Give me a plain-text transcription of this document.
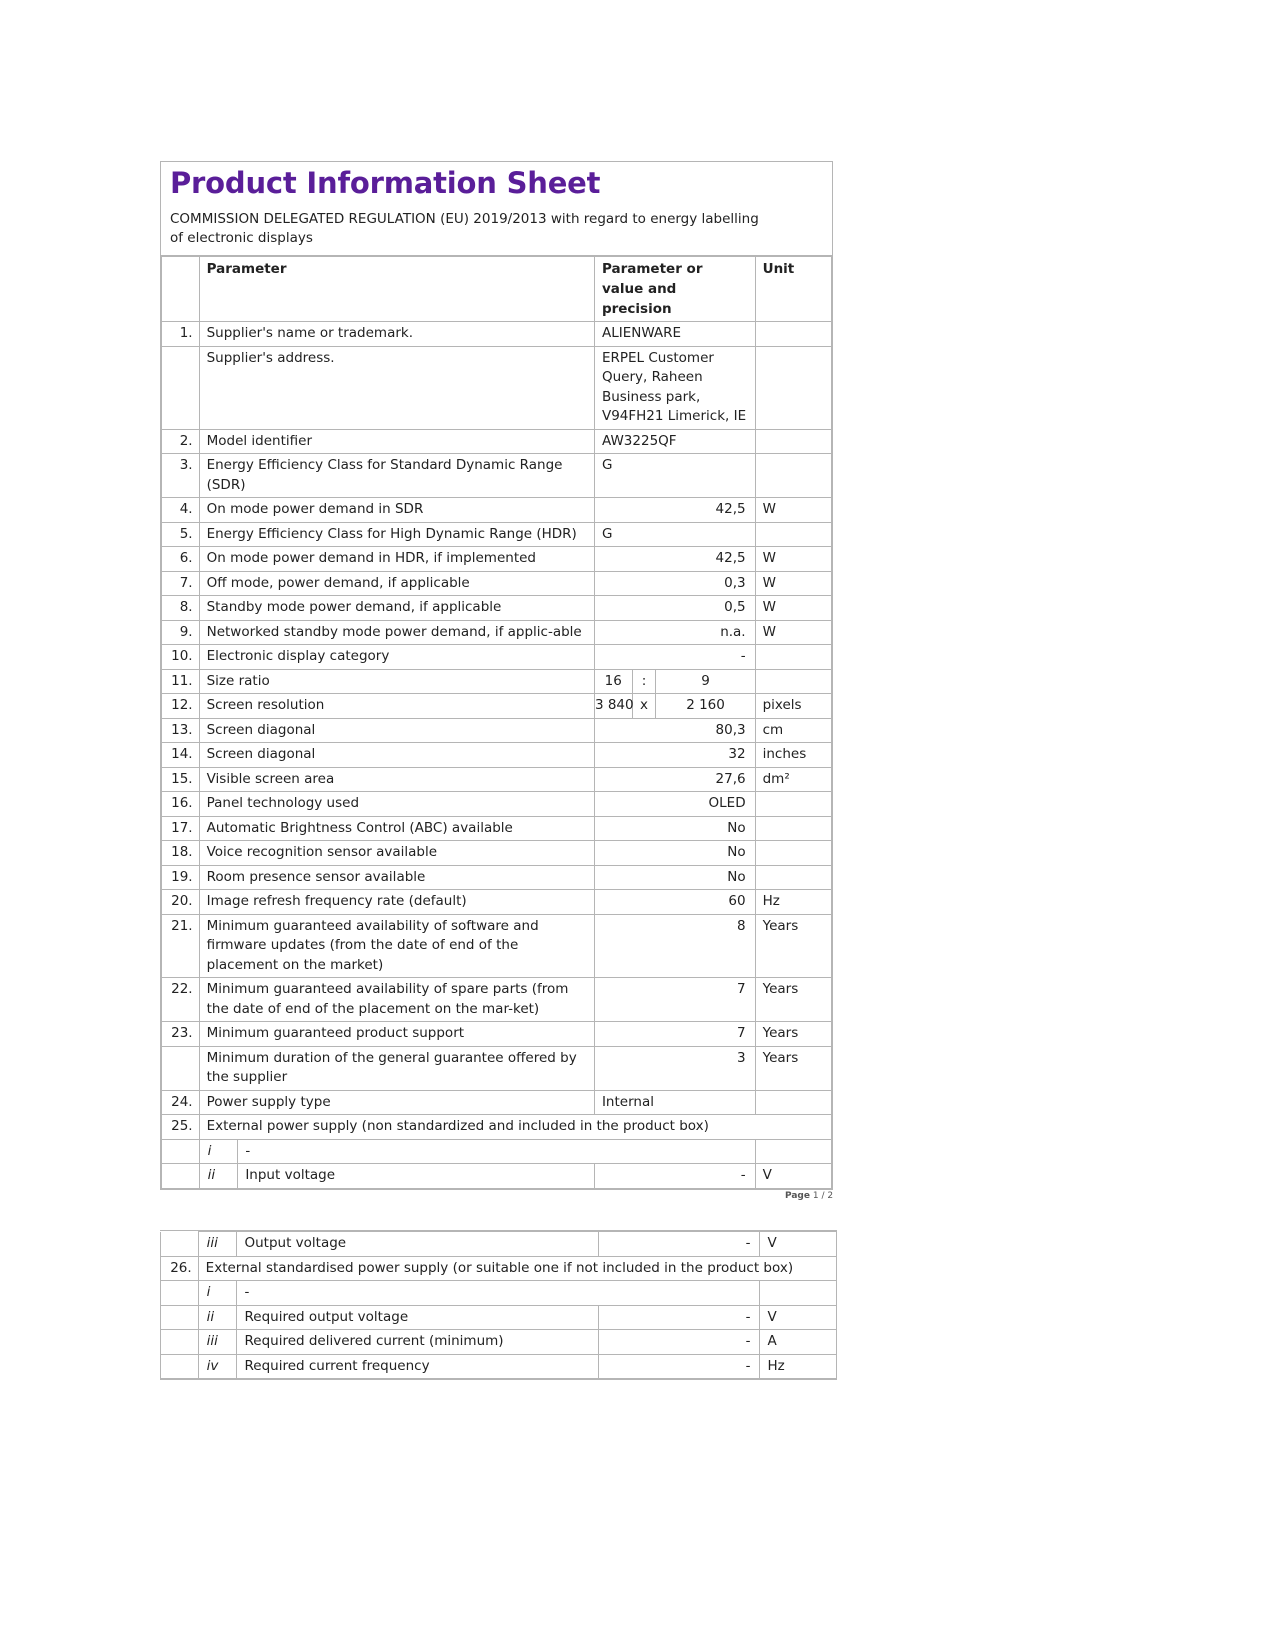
Product Information Sheet
COMMISSION DELEGATED REGULATION (EU) 2019/2013 with regard to energy labelling of electronic displays
	Parameter		Parameter or value and precision			Unit
1.	Supplier's name or trademark.		ALIENWARE			
	Supplier's address.		ERPEL Customer Query, Raheen Business park, V94FH21 Limerick, IE			
2.	Model identifier		AW3225QF			
3.	Energy Efficiency Class for Standard Dynamic Range (SDR)		G			
4.	On mode power demand in SDR		42,5			W
5.	Energy Efficiency Class for High Dynamic Range (HDR)		G			
6.	On mode power demand in HDR, if implemented		42,5			W
7.	Off mode, power demand, if applicable		0,3			W
8.	Standby mode power demand, if applicable		0,5			W
9.	Networked standby mode power demand, if applic-able		n.a.			W
10.	Electronic display category		-			
11.	Size ratio		16	:	9	
12.	Screen resolution		3 840	x	2 160	pixels
13.	Screen diagonal		80,3			cm
14.	Screen diagonal		32			inches
15.	Visible screen area		27,6			dm²
16.	Panel technology used		OLED			
17.	Automatic Brightness Control (ABC) available		No			
18.	Voice recognition sensor available		No			
19.	Room presence sensor available		No			
20.	Image refresh frequency rate (default)		60			Hz
21.	Minimum guaranteed availability of software and firmware updates (from the date of end of the placement on the market)		8			Years
22.	Minimum guaranteed availability of spare parts (from the date of end of the placement on the mar-ket)		7			Years
23.	Minimum guaranteed product support		7			Years
	Minimum duration of the general guarantee offered by the supplier		3			Years
24.	Power supply type		Internal			
25.	External power supply (non standardized and included in the product box)					
	i	-				
	ii	Input voltage	-			V
Page 1 / 2
	iii	Output voltage	-	V
26.	External standardised power supply (or suitable one if not included in the product box)			
	i	-		
	ii	Required output voltage	-	V
	iii	Required delivered current (minimum)	-	A
	iv	Required current frequency	-	Hz
